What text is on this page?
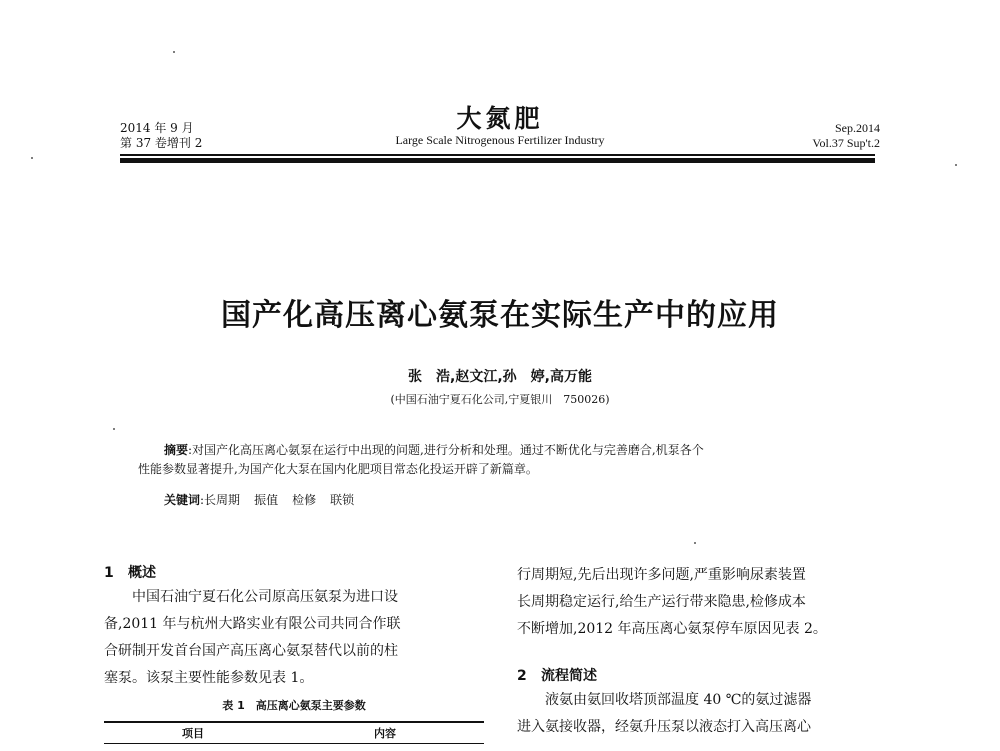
2014 年 9 月
第 37 卷增刊 2
大氮肥
Large Scale Nitrogenous Fertilizer Industry
Sep.2014
Vol.37 Sup't.2
国产化高压离心氨泵在实际生产中的应用
张　浩,赵文江,孙　婷,高万能
(中国石油宁夏石化公司,宁夏银川　750026)
摘要:对国产化高压离心氨泵在运行中出现的问题,进行分析和处理。通过不断优化与完善磨合,机泵各个
性能参数显著提升,为国产化大泵在国内化肥项目常态化投运开辟了新篇章。
关键词:长周期 振值 检修 联锁
1 概述
中国石油宁夏石化公司原高压氨泵为进口设
备,2011 年与杭州大路实业有限公司共同合作联
合研制开发首台国产高压离心氨泵替代以前的柱
塞泵。该泵主要性能参数见表 1。
表 1　高压离心氨泵主要参数
项目	内容
行周期短,先后出现许多问题,严重影响尿素装置
长周期稳定运行,给生产运行带来隐患,检修成本
不断增加,2012 年高压离心氨泵停车原因见表 2。
2 流程简述
液氨由氨回收塔顶部温度 40 ℃的氨过滤器
进入氨接收器，经氨升压泵以液态打入高压离心
